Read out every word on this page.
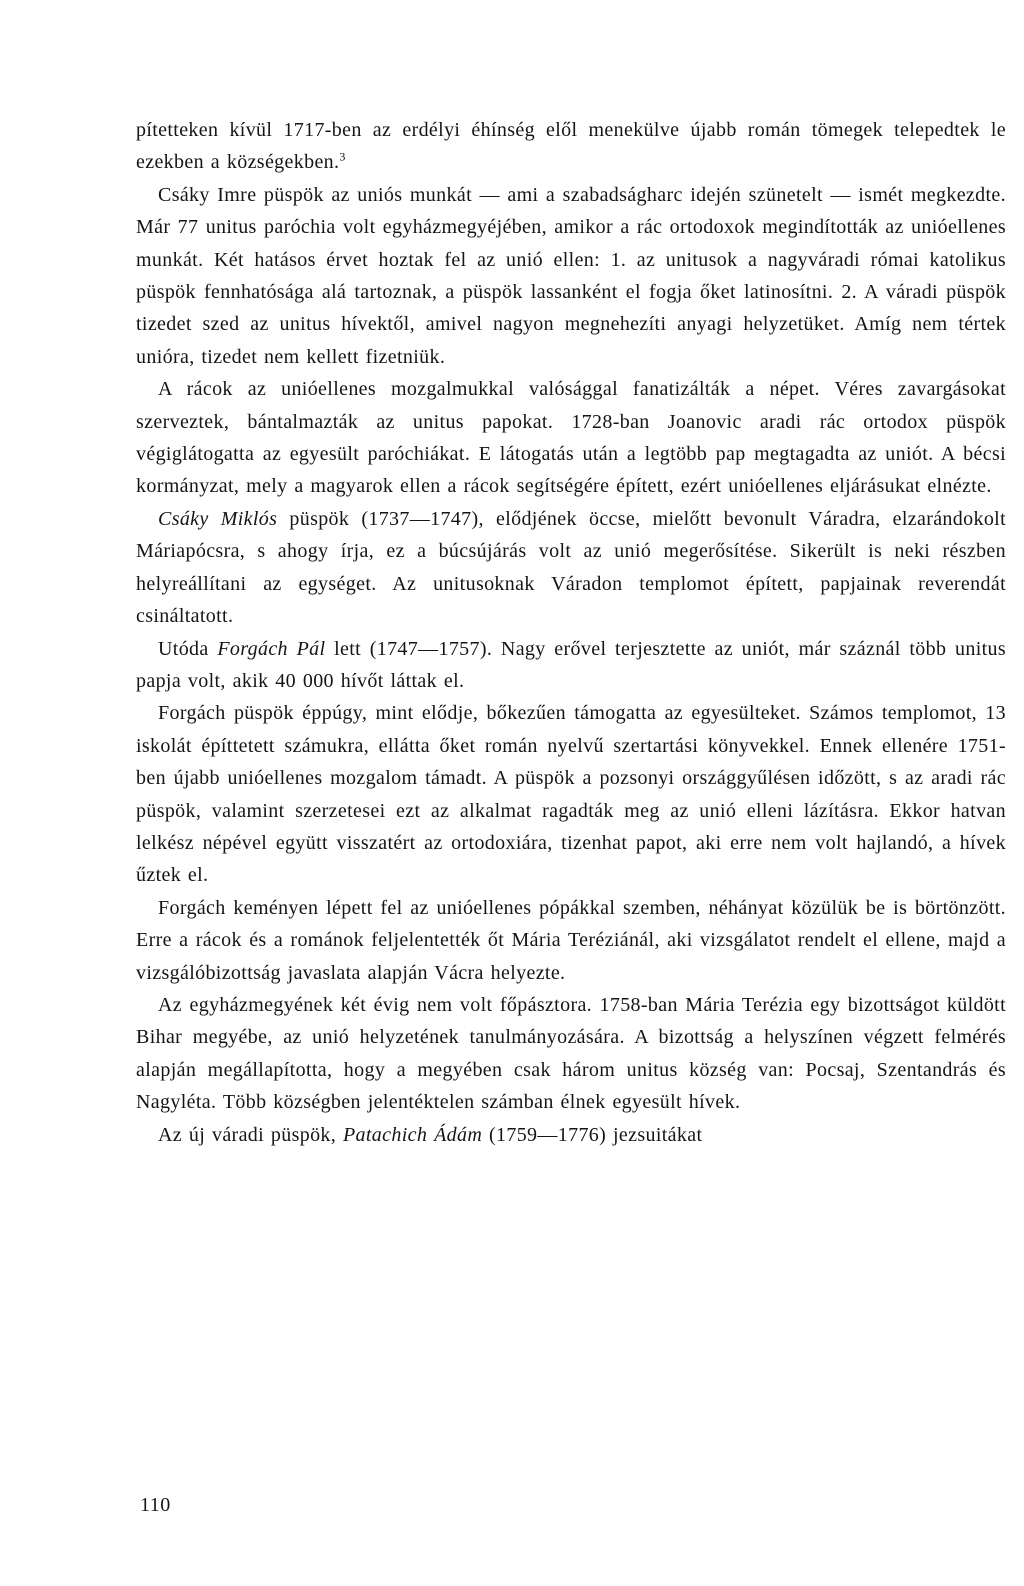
pítetteken kívül 1717-ben az erdélyi éhínség elől menekülve újabb román tömegek telepedtek le ezekben a községekben.$^3$

Csáky Imre püspök az uniós munkát — ami a szabadságharc idején szünetelt — ismét megkezdte. Már 77 unitus paróchia volt egyházmegyéjében, amikor a rác ortodoxok megindították az unióellenes munkát. Két hatásos érvet hoztak fel az unió ellen: 1. az unitusok a nagyváradi római katolikus püspök fennhatósága alá tartoznak, a püspök lassanként el fogja őket latinosítni. 2. A váradi püspök tizedet szed az unitus hívektől, amivel nagyon megnehezíti anyagi helyzetüket. Amíg nem tértek unióra, tizedet nem kellett fizetniük.

A rácok az unióellenes mozgalmukkal valósággal fanatizálták a népet. Véres zavargásokat szerveztek, bántalmazták az unitus papokat. 1728-ban Joanovic aradi rác ortodox püspök végiglátogatta az egyesült paróchiákat. E látogatás után a legtöbb pap megtagadta az uniót. A bécsi kormányzat, mely a magyarok ellen a rácok segítségére épített, ezért unióellenes eljárásukat elnézte.

Csáky Miklós püspök (1737—1747), elődjének öccse, mielőtt bevonult Váradra, elzarándokolt Máriapócsra, s ahogy írja, ez a búcsújárás volt az unió megerősítése. Sikerült is neki részben helyreállítani az egységet. Az unitusoknak Váradon templomot épített, papjainak reverendát csináltatott.

Utóda Forgách Pál lett (1747—1757). Nagy erővel terjesztette az uniót, már száznál több unitus papja volt, akik 40 000 hívőt láttak el.

Forgách püspök éppúgy, mint elődje, bőkezűen támogatta az egyesülteket. Számos templomot, 13 iskolát építtetett számukra, ellátta őket román nyelvű szertartási könyvekkel. Ennek ellenére 1751-ben újabb unióellenes mozgalom támadt. A püspök a pozsonyi országgyűlésen időzött, s az aradi rác püspök, valamint szerzetesei ezt az alkalmat ragadták meg az unió elleni lázításra. Ekkor hatvan lelkész népével együtt visszatért az ortodoxiára, tizenhat papot, aki erre nem volt hajlandó, a hívek űztek el.

Forgách keményen lépett fel az unióellenes pópákkal szemben, néhányat közülük be is börtönzött. Erre a rácok és a románok feljelentették őt Mária Teréziánál, aki vizsgálatot rendelt el ellene, majd a vizsgálóbizottság javaslata alapján Vácra helyezte.

Az egyházmegyének két évig nem volt főpásztora. 1758-ban Mária Terézia egy bizottságot küldött Bihar megyébe, az unió helyzetének tanulmányozására. A bizottság a helyszínen végzett felmérés alapján megállapította, hogy a megyében csak három unitus község van: Pocsaj, Szentandrás és Nagyléta. Több községben jelentéktelen számban élnek egyesült hívek.

Az új váradi püspök, Patachich Ádám (1759—1776) jezsuitákat

110
